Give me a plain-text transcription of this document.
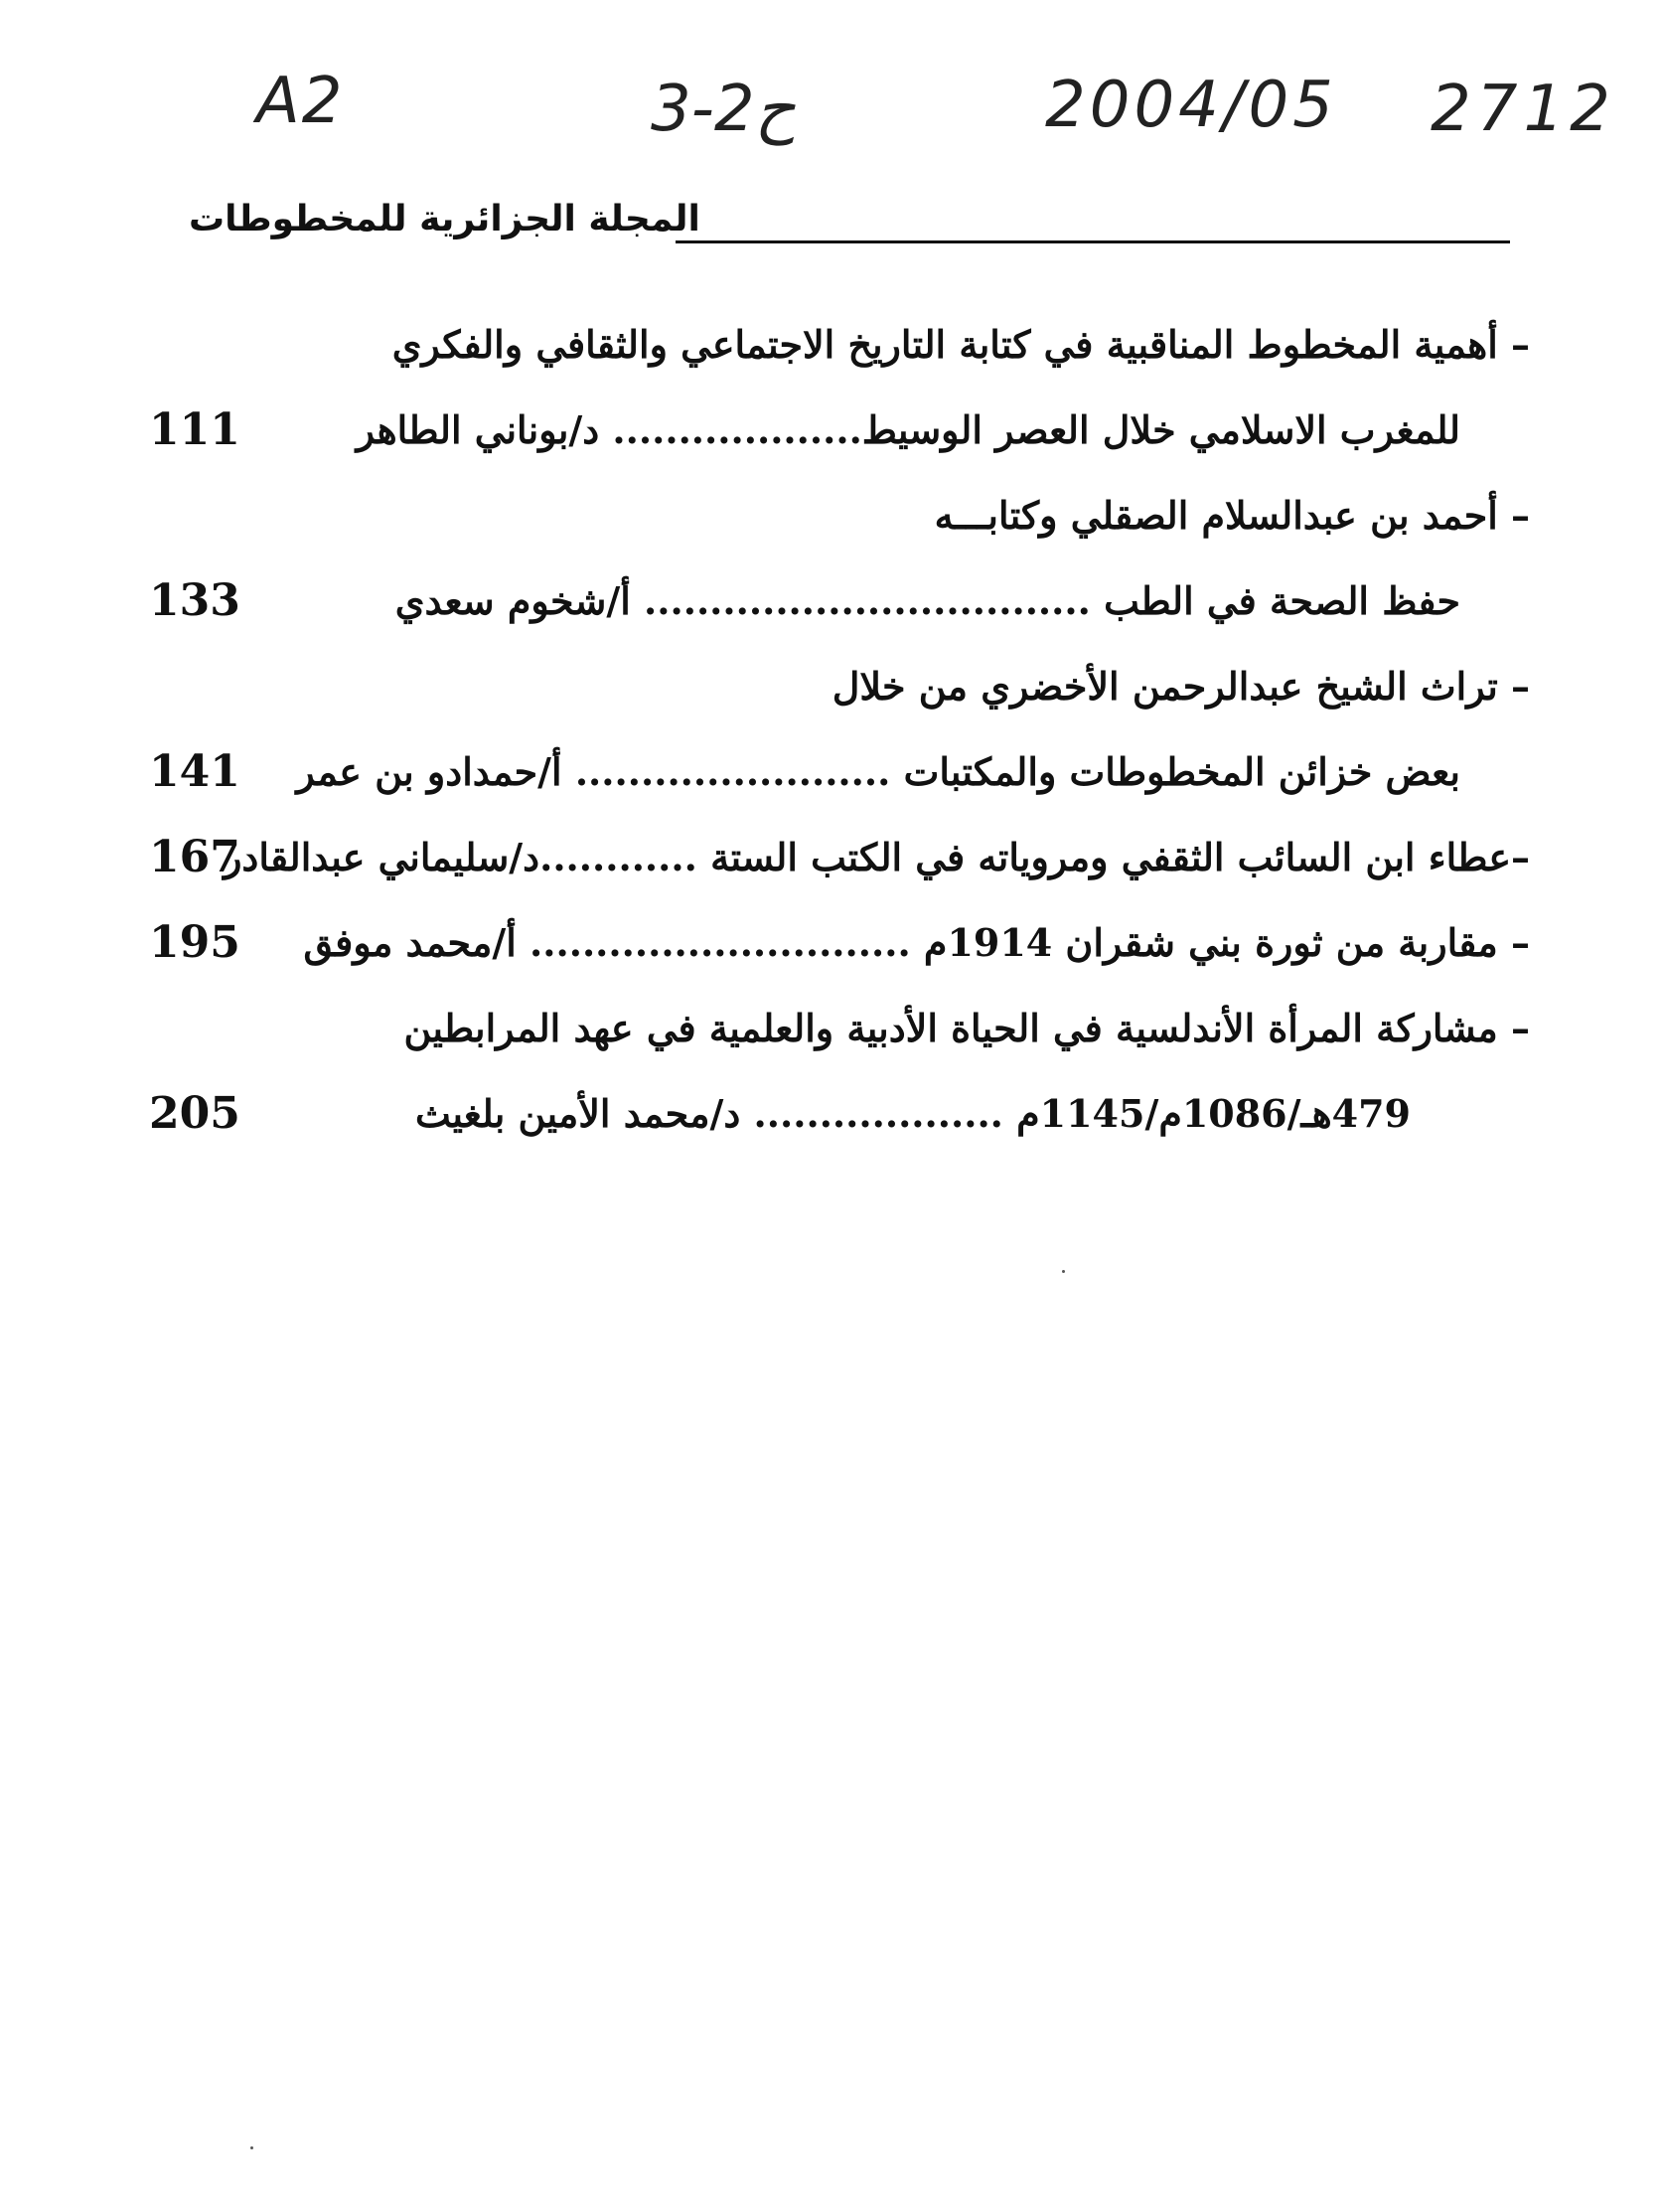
A2	3-2ح	2004/05 2712
المجلة الجزائرية للمخطوطات
– أهمية المخطوط المناقبية في كتابة التاريخ الاجتماعي والثقافي والفكري
للمغرب الاسلامي خلال العصر الوسيط................... د/بوناني الطاهر
111
– أحمد بن عبدالسلام الصقلي وكتابـــه
حفظ الصحة في الطب .................................. أ/شخوم سعدي
133
– تراث الشيخ عبدالرحمن الأخضري من خلال
بعض خزائن المخطوطات والمكتبات ........................ أ/حمدادو بن عمر
141
–عطاء ابن السائب الثقفي ومروياته في الكتب الستة ............د/سليماني عبدالقادر
167
– مقاربة من ثورة بني شقران 1914م ............................. أ/محمد موفق
195
– مشاركة المرأة الأندلسية في الحياة الأدبية والعلمية في عهد المرابطين
479هـ/1086م/1145م ................... د/محمد الأمين بلغيث
205
